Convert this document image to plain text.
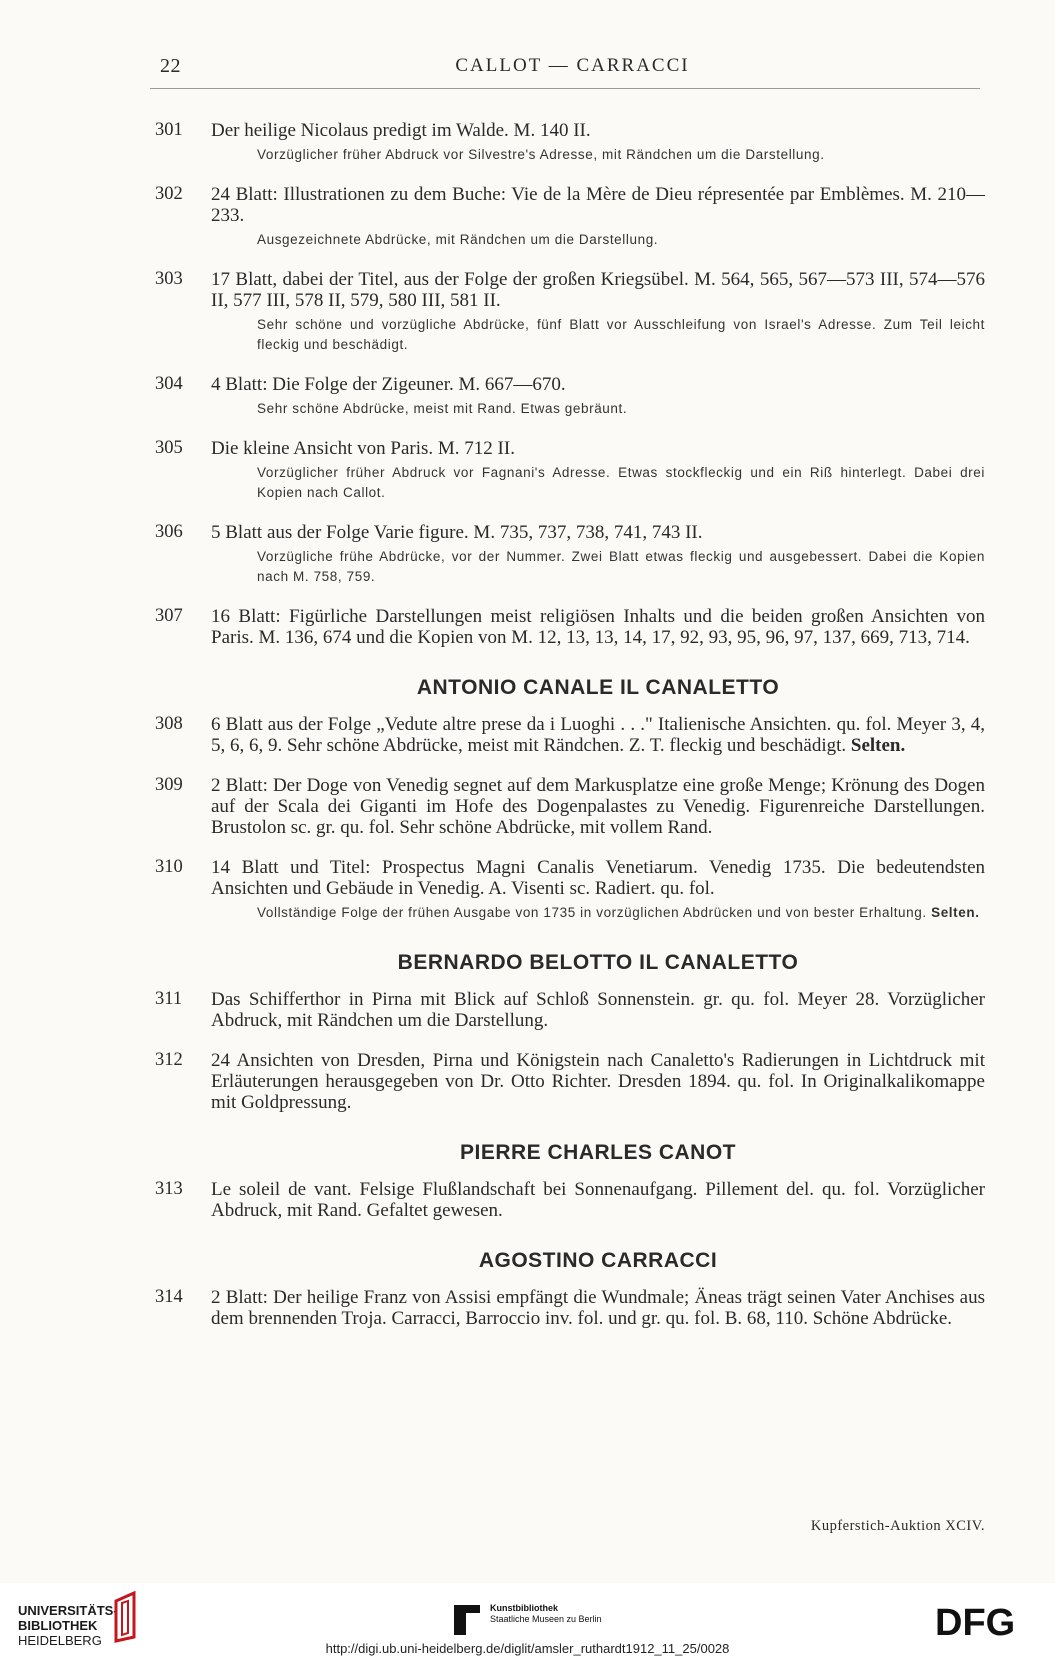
22	CALLOT — CARRACCI
301 Der heilige Nicolaus predigt im Walde. M. 140 II.
Vorzüglicher früher Abdruck vor Silvestre's Adresse, mit Rändchen um die Darstellung.
302 24 Blatt: Illustrationen zu dem Buche: Vie de la Mère de Dieu répresentée par Emblèmes. M. 210—233.
Ausgezeichnete Abdrücke, mit Rändchen um die Darstellung.
303 17 Blatt, dabei der Titel, aus der Folge der großen Kriegsübel. M. 564, 565, 567—573 III, 574—576 II, 577 III, 578 II, 579, 580 III, 581 II.
Sehr schöne und vorzügliche Abdrücke, fünf Blatt vor Ausschleifung von Israel's Adresse. Zum Teil leicht fleckig und beschädigt.
304 4 Blatt: Die Folge der Zigeuner. M. 667—670.
Sehr schöne Abdrücke, meist mit Rand. Etwas gebräunt.
305 Die kleine Ansicht von Paris. M. 712 II.
Vorzüglicher früher Abdruck vor Fagnani's Adresse. Etwas stockfleckig und ein Riß hinterlegt. Dabei drei Kopien nach Callot.
306 5 Blatt aus der Folge Varie figure. M. 735, 737, 738, 741, 743 II.
Vorzügliche frühe Abdrücke, vor der Nummer. Zwei Blatt etwas fleckig und ausgebessert. Dabei die Kopien nach M. 758, 759.
307 16 Blatt: Figürliche Darstellungen meist religiösen Inhalts und die beiden großen Ansichten von Paris. M. 136, 674 und die Kopien von M. 12, 13, 13, 14, 17, 92, 93, 95, 96, 97, 137, 669, 713, 714.
ANTONIO CANALE IL CANALETTO
308 6 Blatt aus der Folge „Vedute altre prese da i Luoghi . . ." Italienische Ansichten. qu. fol. Meyer 3, 4, 5, 6, 6, 9. Sehr schöne Abdrücke, meist mit Rändchen. Z. T. fleckig und beschädigt. Selten.
309 2 Blatt: Der Doge von Venedig segnet auf dem Markusplatze eine große Menge; Krönung des Dogen auf der Scala dei Giganti im Hofe des Dogenpalastes zu Venedig. Figurenreiche Darstellungen. Brustolon sc. gr. qu. fol. Sehr schöne Abdrücke, mit vollem Rand.
310 14 Blatt und Titel: Prospectus Magni Canalis Venetiarum. Venedig 1735. Die bedeutendsten Ansichten und Gebäude in Venedig. A. Visenti sc. Radiert. qu. fol.
Vollständige Folge der frühen Ausgabe von 1735 in vorzüglichen Abdrücken und von bester Erhaltung. Selten.
BERNARDO BELOTTO IL CANALETTO
311 Das Schifferthor in Pirna mit Blick auf Schloß Sonnenstein. gr. qu. fol. Meyer 28. Vorzüglicher Abdruck, mit Rändchen um die Darstellung.
312 24 Ansichten von Dresden, Pirna und Königstein nach Canaletto's Radierungen in Lichtdruck mit Erläuterungen herausgegeben von Dr. Otto Richter. Dresden 1894. qu. fol. In Originalkalikomappe mit Goldpressung.
PIERRE CHARLES CANOT
313 Le soleil de vant. Felsige Flußlandschaft bei Sonnenaufgang. Pillement del. qu. fol. Vorzüglicher Abdruck, mit Rand. Gefaltet gewesen.
AGOSTINO CARRACCI
314 2 Blatt: Der heilige Franz von Assisi empfängt die Wundmale; Äneas trägt seinen Vater Anchises aus dem brennenden Troja. Carracci, Barroccio inv. fol. und gr. qu. fol. B. 68, 110. Schöne Abdrücke.
Kupferstich-Auktion XCIV.
UNIVERSITÄTS-
BIBLIOTHEK
HEIDELBERG
Kunstbibliothek
Staatliche Museen zu Berlin	DFG
http://digi.ub.uni-heidelberg.de/diglit/amsler_ruthardt1912_11_25/0028
